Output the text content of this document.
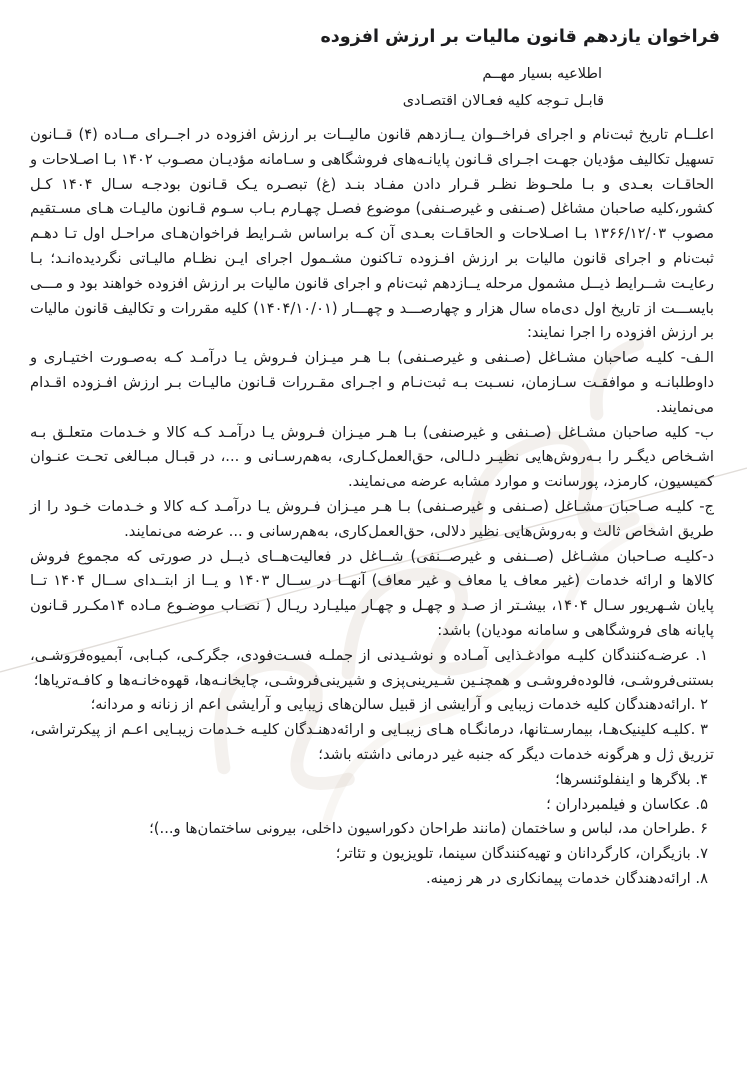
فراخوان یازدهم قانون مالیات بر ارزش افزوده
اطلاعیه بسیار مهــم
قابـل تـوجه کلیه فعـالان اقتصـادی

اعلــام تاریخ ثبت‌نام و اجرای فراخــوان یــازدهم قانون مالیــات بر ارزش افزوده در اجــرای مــاده (۴) قــانون تسهیل تکالیف مؤدیان جهـت اجـرای قـانون پایانـه‌های فروشگاهی و سـامانه مؤدیـان مصـوب ۱۴۰۲ بـا اصـلاحات و الحاقـات بعـدی و بـا ملحـوظ نظـر قـرار دادن مفـاد بنـد (غ) تبصـره یـک قـانون بودجـه سـال ۱۴۰۴ کـل کشور،کلیه صاحبان مشاغل (صـنفی و غیرصـنفی) موضوع فصـل چهـارم بـاب سـوم قـانون مالیـات هـای مسـتقیم مصوب ۱۳۶۶/۱۲/۰۳ بـا اصـلاحات و الحاقـات بعـدی آن کـه براساس شـرایط فراخوان‌هـای مراحـل اول تـا دهـم ثبت‌نام و اجرای قانون مالیات بر ارزش افـزوده تـاکنون مشـمول اجرای ایـن نظـام مالیـاتی نگردیده‌انـد؛ بـا رعایـت شــرایط ذیــل مشمول مرحله یــازدهم ثبت‌نام و اجرای قانون مالیات بر ارزش افزوده خواهند بود و مـــی بایســـت از تاریخ اول دی‌ماه سال هزار و چهارصـــد و چهـــار (۱۴۰۴/۱۰/۰۱) کلیه مقررات و تکالیف قانون مالیات بر ارزش افزوده را اجرا نمایند:

الـف- کلیـه صاحبان مشـاغل (صـنفی و غیرصـنفی) بـا هـر میـزان فـروش یـا درآمـد کـه به‌صـورت اختیـاری و داوطلبانـه و موافقـت سـازمان، نسـبت بـه ثبت‌نـام و اجـرای مقـررات قـانون مالیـات بـر ارزش افـزوده اقـدام می‌نمایند.

ب- کلیه صاحبان مشـاغل (صـنفی و غیرصنفی) بـا هـر میـزان فـروش یـا درآمـد کـه کالا و خـدمات متعلـق بـه اشـخاص دیگـر را بـه‌روش‌هایی نظیـر دلـالی، حق‌العمل‌کـاری، به‌هم‌رسـانی و ...، در قبـال مبـالغی تحـت عنـوان کمیسیون، کارمزد، پورسانت و موارد مشابه عرضه می‌نمایند.

ج- کلیـه صـاحبان مشـاغل (صـنفی و غیرصـنفی) بـا هـر میـزان فـروش یـا درآمـد کـه کالا و خـدمات خـود را از طریق اشخاص ثالث و به‌روش‌هایی نظیر دلالی، حق‌العمل‌کاری، به‌هم‌رسانی و ... عرضه می‌نمایند.

د-کلیـه صـاحبان مشـاغل (صــنفی و غیرصــنفی) شــاغل در فعالیت‌هــای ذیــل در صورتی که مجموع فروش کالاها و ارائه خدمات (غیر معاف یا معاف و غیر معاف) آنهــا در ســال ۱۴۰۳ و یــا از ابتــدای ســال ۱۴۰۴ تــا پایان شـهریور سـال ۱۴۰۴، بیشـتر از صـد و چهـل و چهـار میلیـارد ریـال ( نصـاب موضـوع مـاده ۱۴مکـرر قـانون پایانه های فروشگاهی و سامانه مودیان) باشد:

۱. عرضـه‌کنندگان کلیـه موادغـذایی آمـاده و نوشـیدنی از جملـه فسـت‌فودی، جگرکـی، کبـابی، آبمیوه‌فروشـی، بستنی‌فروشـی، فالوده‌فروشـی و همچنـین شـیرینی‌پزی و شیرینی‌فروشـی، چایخانـه‌ها، قهوه‌خانـه‌ها و کافـه‌تریاها؛
۲ .ارائه‌دهندگان کلیه خدمات زیبایی و آرایشی از قبیل سالن‌های زیبایی و آرایشی اعم از زنانه و مردانه؛
۳ .کلیـه کلینیک‌هـا، بیمارسـتانها، درمانگـاه هـای زیبـایی و ارائه‌دهنـدگان کلیـه خـدمات زیبـایی اعـم از پیکرتراشی، تزریق ژل و هرگونه خدمات دیگر که جنبه غیر درمانی داشته باشد؛
۴. بلاگرها و اینفلوئنسرها؛
۵. عکاسان و فیلمبرداران ؛
۶ .طراحان مد، لباس و ساختمان (مانند طراحان دکوراسیون داخلی، بیرونی ساختمان‌ها و...)؛
۷. بازیگران، کارگردانان و تهیه‌کنندگان سینما، تلویزیون و تئاتر؛
۸. ارائه‌دهندگان خدمات پیمانکاری در هر زمینه.
